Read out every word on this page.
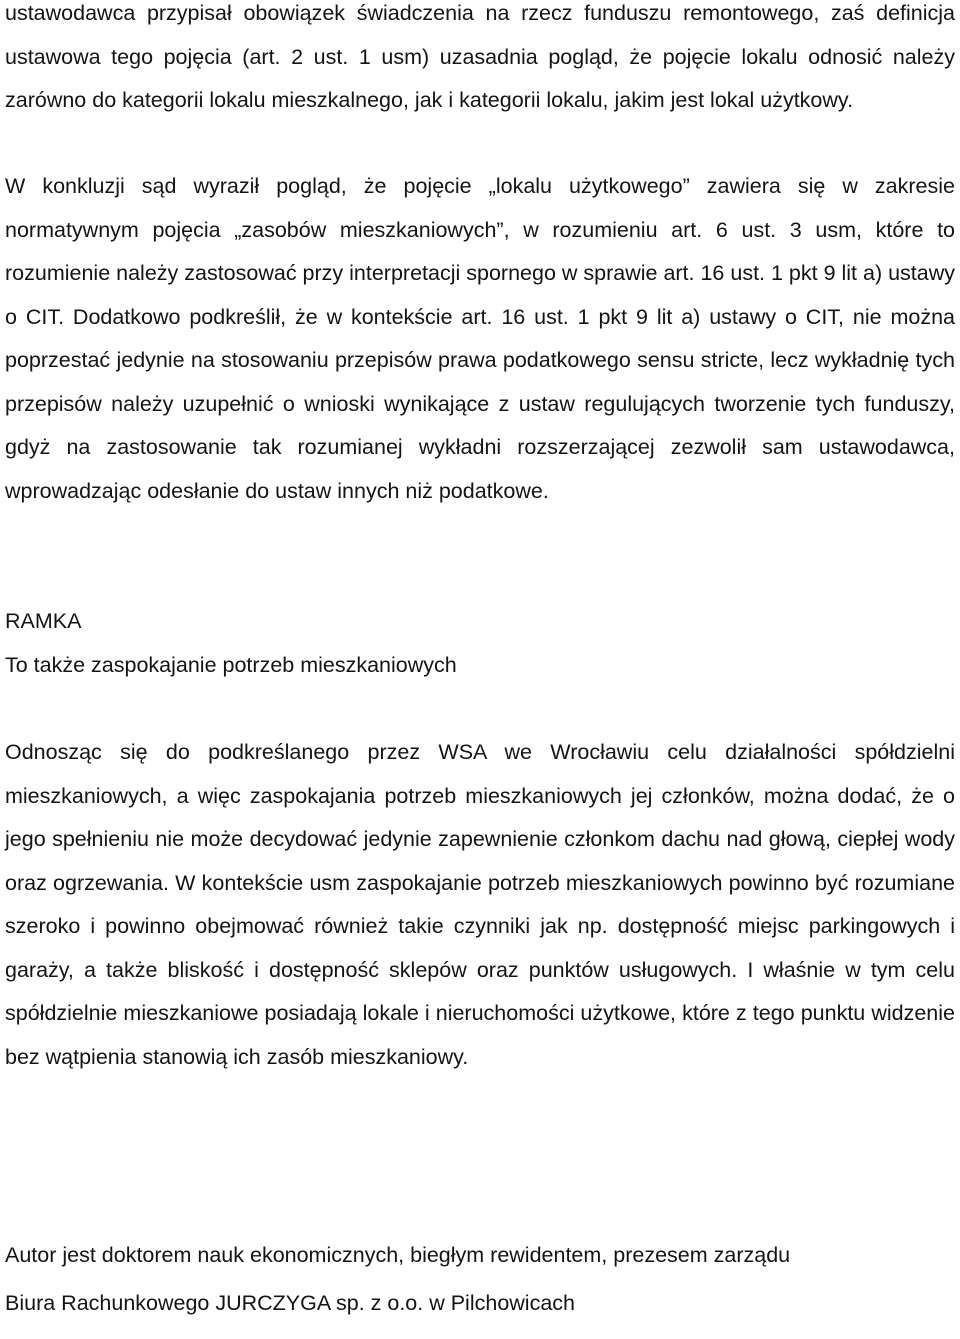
ustawodawca przypisał obowiązek świadczenia na rzecz funduszu remontowego, zaś definicja ustawowa tego pojęcia (art. 2 ust. 1 usm) uzasadnia pogląd, że pojęcie lokalu odnosić należy zarówno do kategorii lokalu mieszkalnego, jak i kategorii lokalu, jakim jest lokal użytkowy.

W konkluzji sąd wyraził pogląd, że pojęcie „lokalu użytkowego” zawiera się w zakresie normatywnym pojęcia „zasobów mieszkaniowych”, w rozumieniu art. 6 ust. 3 usm, które to rozumienie należy zastosować przy interpretacji spornego w sprawie art. 16 ust. 1 pkt 9 lit a) ustawy o CIT. Dodatkowo podkreślił, że w kontekście art. 16 ust. 1 pkt 9 lit a) ustawy o CIT, nie można poprzestać jedynie na stosowaniu przepisów prawa podatkowego sensu stricte, lecz wykładnię tych przepisów należy uzupełnić o wnioski wynikające z ustaw regulujących tworzenie tych funduszy, gdyż na zastosowanie tak rozumianej wykładni rozszerzającej zezwolił sam ustawodawca, wprowadzając odesłanie do ustaw innych niż podatkowe.

RAMKA

To także zaspokajanie potrzeb mieszkaniowych

Odnosząc się do podkreślanego przez WSA we Wrocławiu celu działalności spółdzielni mieszkaniowych, a więc zaspokajania potrzeb mieszkaniowych jej członków, można dodać, że o jego spełnieniu nie może decydować jedynie zapewnienie członkom dachu nad głową, ciepłej wody oraz ogrzewania. W kontekście usm zaspokajanie potrzeb mieszkaniowych powinno być rozumiane szeroko i powinno obejmować również takie czynniki jak np. dostępność miejsc parkingowych i garaży, a także bliskość i dostępność sklepów oraz punktów usługowych. I właśnie w tym celu spółdzielnie mieszkaniowe posiadają lokale i nieruchomości użytkowe, które z tego punktu widzenie bez wątpienia stanowią ich zasób mieszkaniowy.

Autor jest doktorem nauk ekonomicznych, biegłym rewidentem, prezesem zarządu

Biura Rachunkowego JURCZYGA sp. z o.o. w Pilchowicach
